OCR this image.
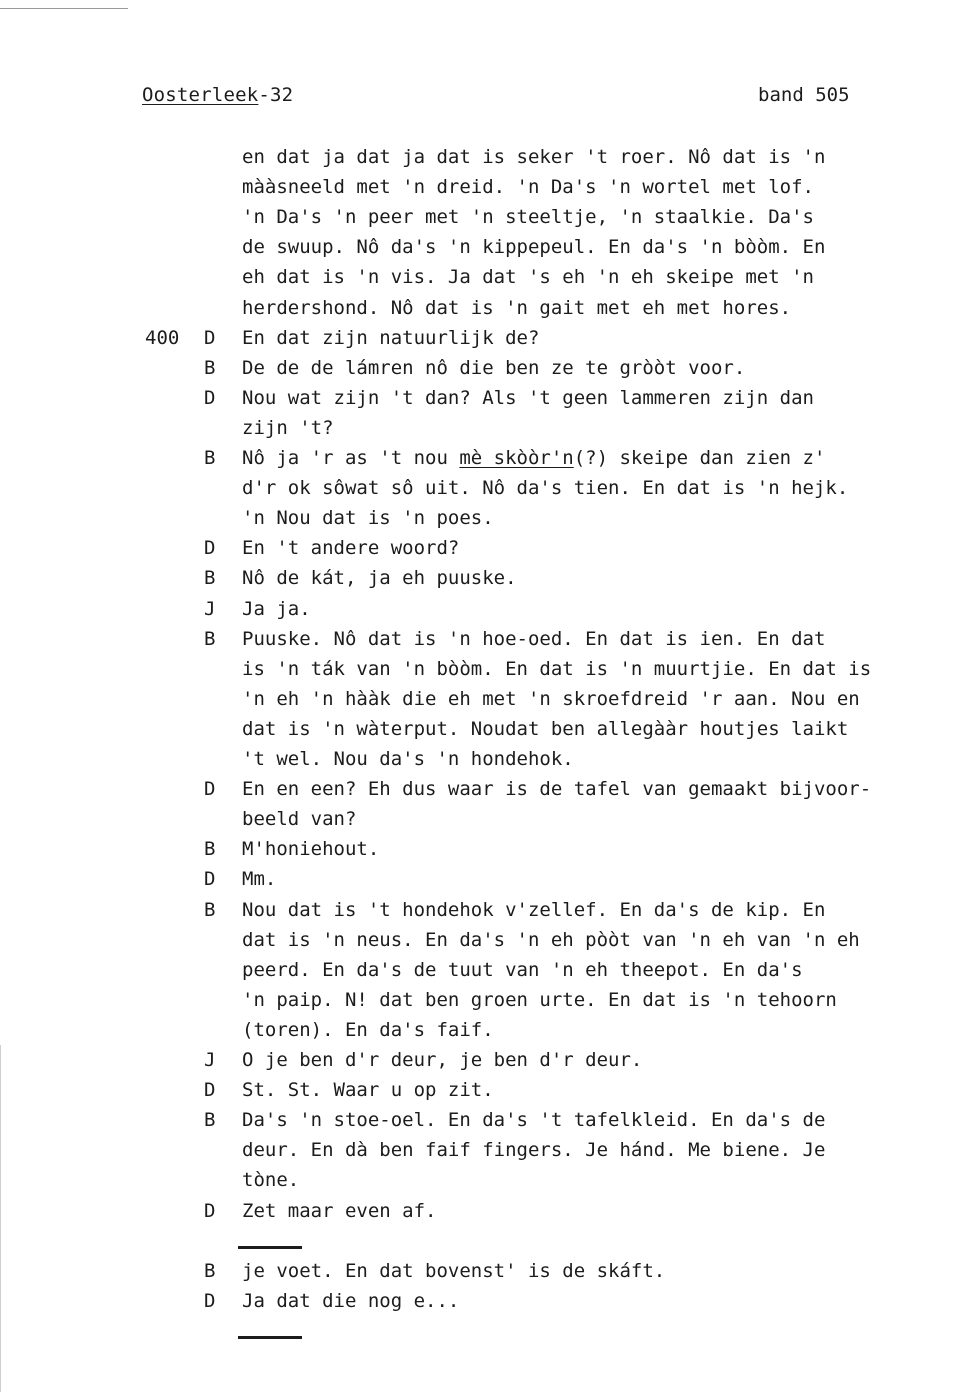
Oosterleek-32	band 505
en dat ja dat ja dat is seker 't roer. Nô dat is 'n
mààsneeld met 'n dreid. 'n Da's 'n wortel met lof.
'n Da's 'n peer met 'n steeltje, 'n staalkie. Da's
de swuup. Nô da's 'n kippepeul. En da's 'n bòòm. En
eh dat is 'n vis. Ja dat 's eh 'n eh skeipe met 'n
herdershond. Nô dat is 'n gait met eh met hores.
400 D En dat zijn natuurlijk de?
B De de de lámren nô die ben ze te gròòt voor.
D Nou wat zijn 't dan? Als 't geen lammeren zijn dan
zijn 't?
B Nô ja 'r as 't nou mè skòòr'n(?) skeipe dan zien z'
d'r ok sôwat sô uit. Nô da's tien. En dat is 'n hejk.
'n Nou dat is 'n poes.
D En 't andere woord?
B Nô de kát, ja eh puuske.
J Ja ja.
B Puuske. Nô dat is 'n hoe-oed. En dat is ien. En dat
is 'n ták van 'n bòòm. En dat is 'n muurtjie. En dat is
'n eh 'n hààk die eh met 'n skroefdreid 'r aan. Nou en
dat is 'n wàterput. Noudat ben allegààr houtjes laikt
't wel. Nou da's 'n hondehok.
D En en een? Eh dus waar is de tafel van gemaakt bijvoor-
beeld van?
B M'honiehout.
D Mm.
B Nou dat is 't hondehok v'zellef. En da's de kip. En
dat is 'n neus. En da's 'n eh pòòt van 'n eh van 'n eh
peerd. En da's de tuut van 'n eh theepot. En da's
'n paip. N! dat ben groen urte. En dat is 'n tehoorn
(toren). En da's faif.
J O je ben d'r deur, je ben d'r deur.
D St. St. Waar u op zit.
B Da's 'n stoe-oel. En da's 't tafelkleid. En da's de
deur. En dà ben faif fingers. Je hánd. Me biene. Je
tòne.
D Zet maar even af.
B je voet. En dat bovenst' is de skáft.
D Ja dat die nog e...
